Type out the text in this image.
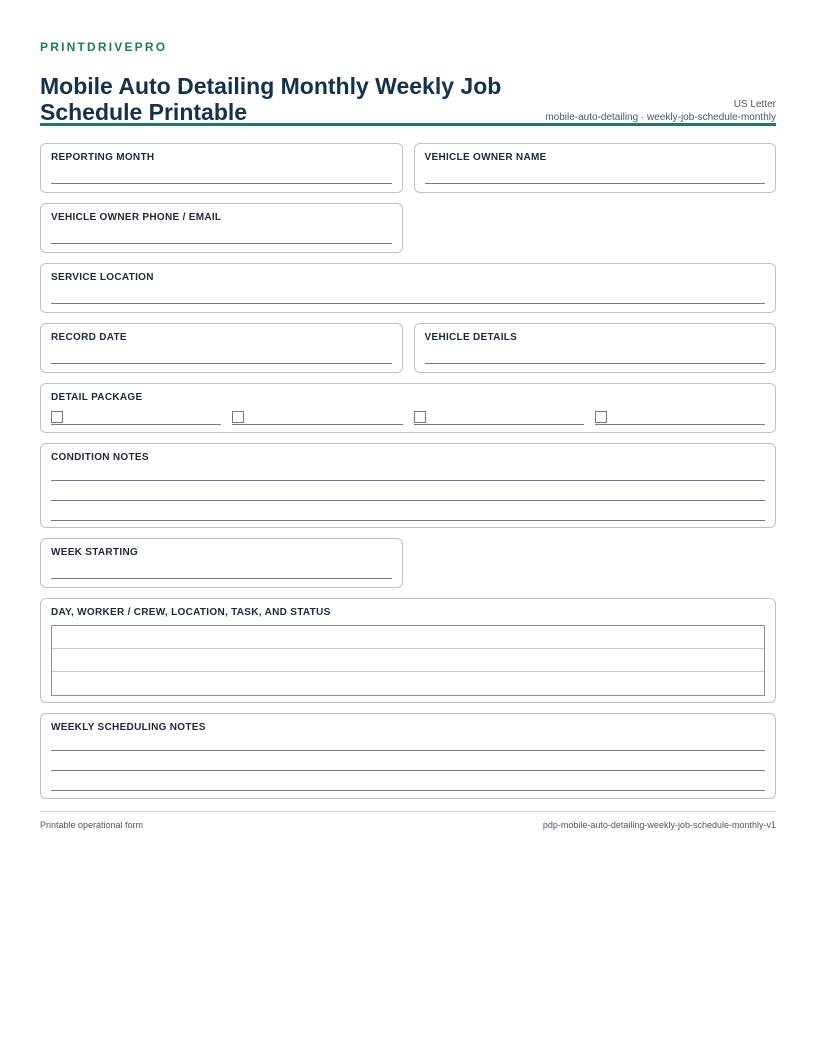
PRINTDRIVEPRO
Mobile Auto Detailing Monthly Weekly Job Schedule Printable	US Letter
mobile-auto-detailing · weekly-job-schedule-monthly
REPORTING MONTH	VEHICLE OWNER NAME
VEHICLE OWNER PHONE / EMAIL
SERVICE LOCATION
RECORD DATE	VEHICLE DETAILS
DETAIL PACKAGE
CONDITION NOTES
WEEK STARTING
DAY, WORKER / CREW, LOCATION, TASK, AND STATUS
WEEKLY SCHEDULING NOTES
Printable operational form	pdp-mobile-auto-detailing-weekly-job-schedule-monthly-v1
